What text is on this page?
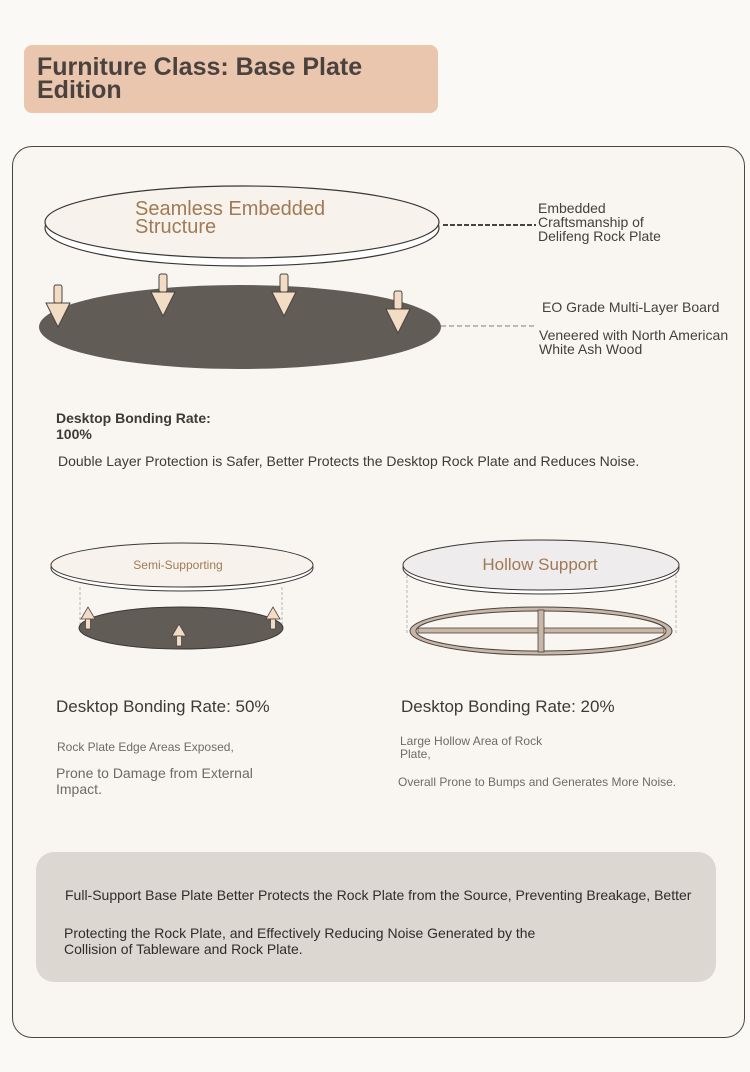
Furniture Class: Base Plate Edition
Seamless Embedded Structure
Embedded Craftsmanship of Delifeng Rock Plate
EO Grade Multi-Layer Board
Veneered with North American White Ash Wood
Desktop Bonding Rate: 100%
Double Layer Protection is Safer, Better Protects the Desktop Rock Plate and Reduces Noise.
Semi-Supporting	Hollow Support
Desktop Bonding Rate: 50%
Rock Plate Edge Areas Exposed,
Prone to Damage from External Impact.
Desktop Bonding Rate: 20%
Large Hollow Area of Rock Plate,
Overall Prone to Bumps and Generates More Noise.
Full-Support Base Plate Better Protects the Rock Plate from the Source, Preventing Breakage, Better
Protecting the Rock Plate, and Effectively Reducing Noise Generated by the Collision of Tableware and Rock Plate.
